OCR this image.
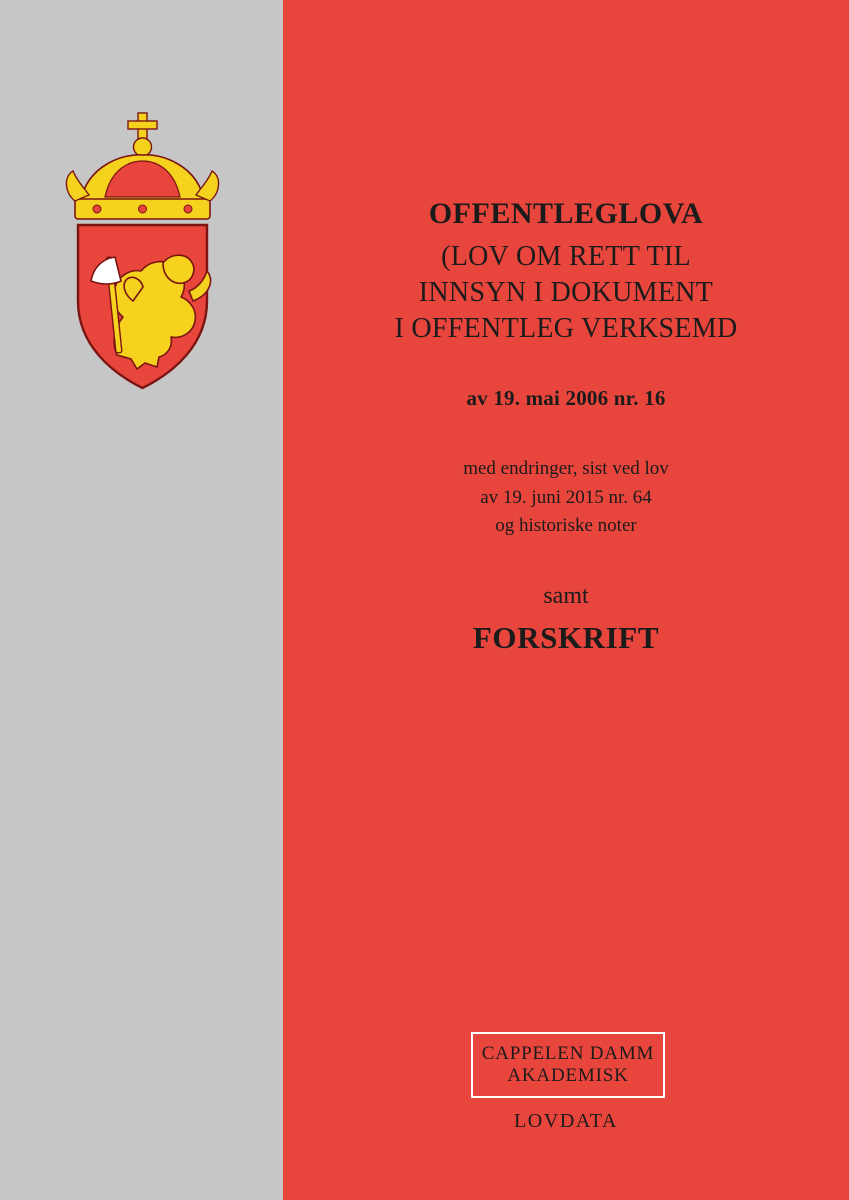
OFFENTLEGLOVA
(LOV OM RETT TIL
INNSYN I DOKUMENT
I OFFENTLEG VERKSEMD
av 19. mai 2006 nr. 16
med endringer, sist ved lov
av 19. juni 2015 nr. 64
og historiske noter
samt
FORSKRIFT
CAPPELEN DAMM
AKADEMISK
LOVDATA
